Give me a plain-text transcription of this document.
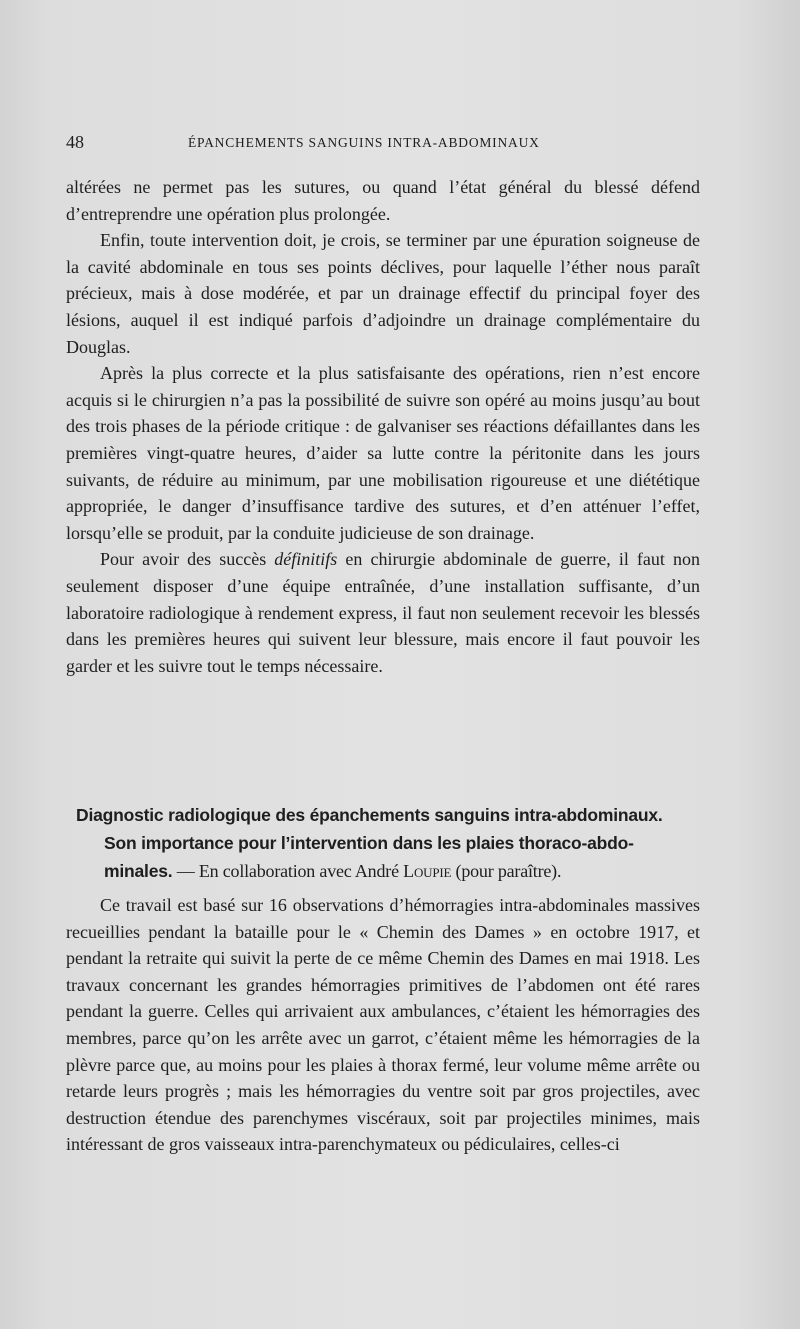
48	ÉPANCHEMENTS SANGUINS INTRA-ABDOMINAUX

altérées ne permet pas les sutures, ou quand l’état général du blessé défend d’entreprendre une opération plus prolongée.

Enfin, toute intervention doit, je crois, se terminer par une épuration soigneuse de la cavité abdominale en tous ses points déclives, pour laquelle l’éther nous paraît précieux, mais à dose modérée, et par un drainage effectif du principal foyer des lésions, auquel il est indiqué parfois d’adjoindre un drainage complémentaire du Douglas.

Après la plus correcte et la plus satisfaisante des opérations, rien n’est encore acquis si le chirurgien n’a pas la possibilité de suivre son opéré au moins jusqu’au bout des trois phases de la période critique : de galvaniser ses réactions défaillantes dans les premières vingt-quatre heures, d’aider sa lutte contre la péritonite dans les jours suivants, de réduire au minimum, par une mobilisation rigoureuse et une diététique appropriée, le danger d’insuffisance tardive des sutures, et d’en atténuer l’effet, lorsqu’elle se produit, par la conduite judicieuse de son drainage.

Pour avoir des succès définitifs en chirurgie abdominale de guerre, il faut non seulement disposer d’une équipe entraînée, d’une installation suffisante, d’un laboratoire radiologique à rendement express, il faut non seulement recevoir les blessés dans les premières heures qui suivent leur blessure, mais encore il faut pouvoir les garder et les suivre tout le temps nécessaire.

Diagnostic radiologique des épanchements sanguins intra-abdominaux.
Son importance pour l’intervention dans les plaies thoraco-abdo-
minales. — En collaboration avec André Loupie (pour paraître).

Ce travail est basé sur 16 observations d’hémorragies intra-abdominales massives recueillies pendant la bataille pour le « Chemin des Dames » en octobre 1917, et pendant la retraite qui suivit la perte de ce même Chemin des Dames en mai 1918. Les travaux concernant les grandes hémorragies primitives de l’abdomen ont été rares pendant la guerre. Celles qui arrivaient aux ambulances, c’étaient les hémorragies des membres, parce qu’on les arrête avec un garrot, c’étaient même les hémorragies de la plèvre parce que, au moins pour les plaies à thorax fermé, leur volume même arrête ou retarde leurs progrès ; mais les hémorragies du ventre soit par gros projectiles, avec destruction étendue des parenchymes viscéraux, soit par projectiles minimes, mais intéressant de gros vaisseaux intra-parenchymateux ou pédiculaires, celles-ci
